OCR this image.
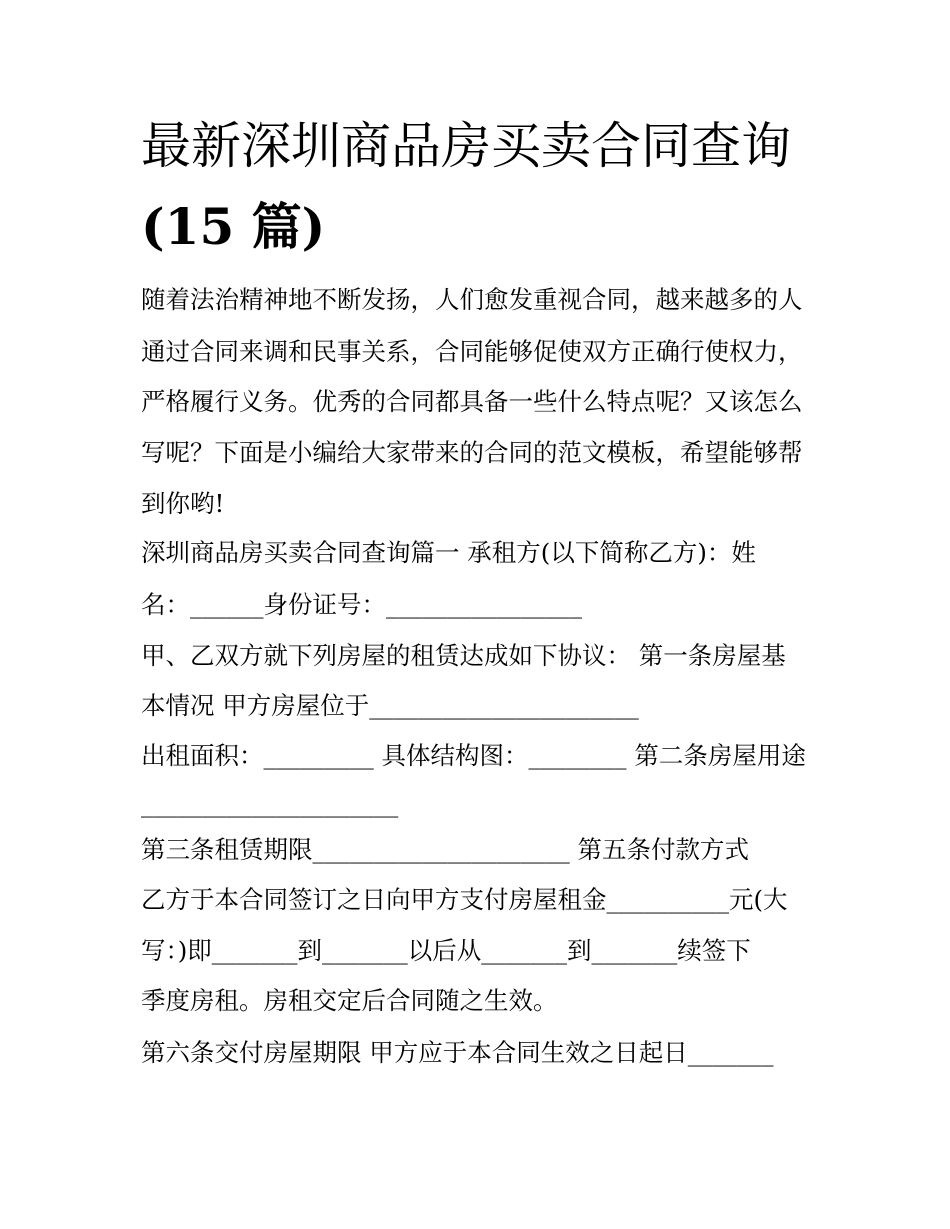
最新深圳商品房买卖合同查询
(15 篇)

随着法治精神地不断发扬，人们愈发重视合同，越来越多的人

通过合同来调和民事关系，合同能够促使双方正确行使权力，

严格履行义务。优秀的合同都具备一些什么特点呢？又该怎么

写呢？下面是小编给大家带来的合同的范文模板，希望能够帮

到你哟!

深圳商品房买卖合同查询篇一 承租方(以下简称乙方)：姓

名：______身份证号：________________

甲、乙双方就下列房屋的租赁达成如下协议： 第一条房屋基

本情况 甲方房屋位于______________________

出租面积：_________ 具体结构图：________ 第二条房屋用途

_____________________

第三条租赁期限_____________________ 第五条付款方式

乙方于本合同签订之日向甲方支付房屋租金__________元(大

写：)即_______到_______以后从_______到_______续签下

季度房租。房租交定后合同随之生效。

第六条交付房屋期限 甲方应于本合同生效之日起日_______
